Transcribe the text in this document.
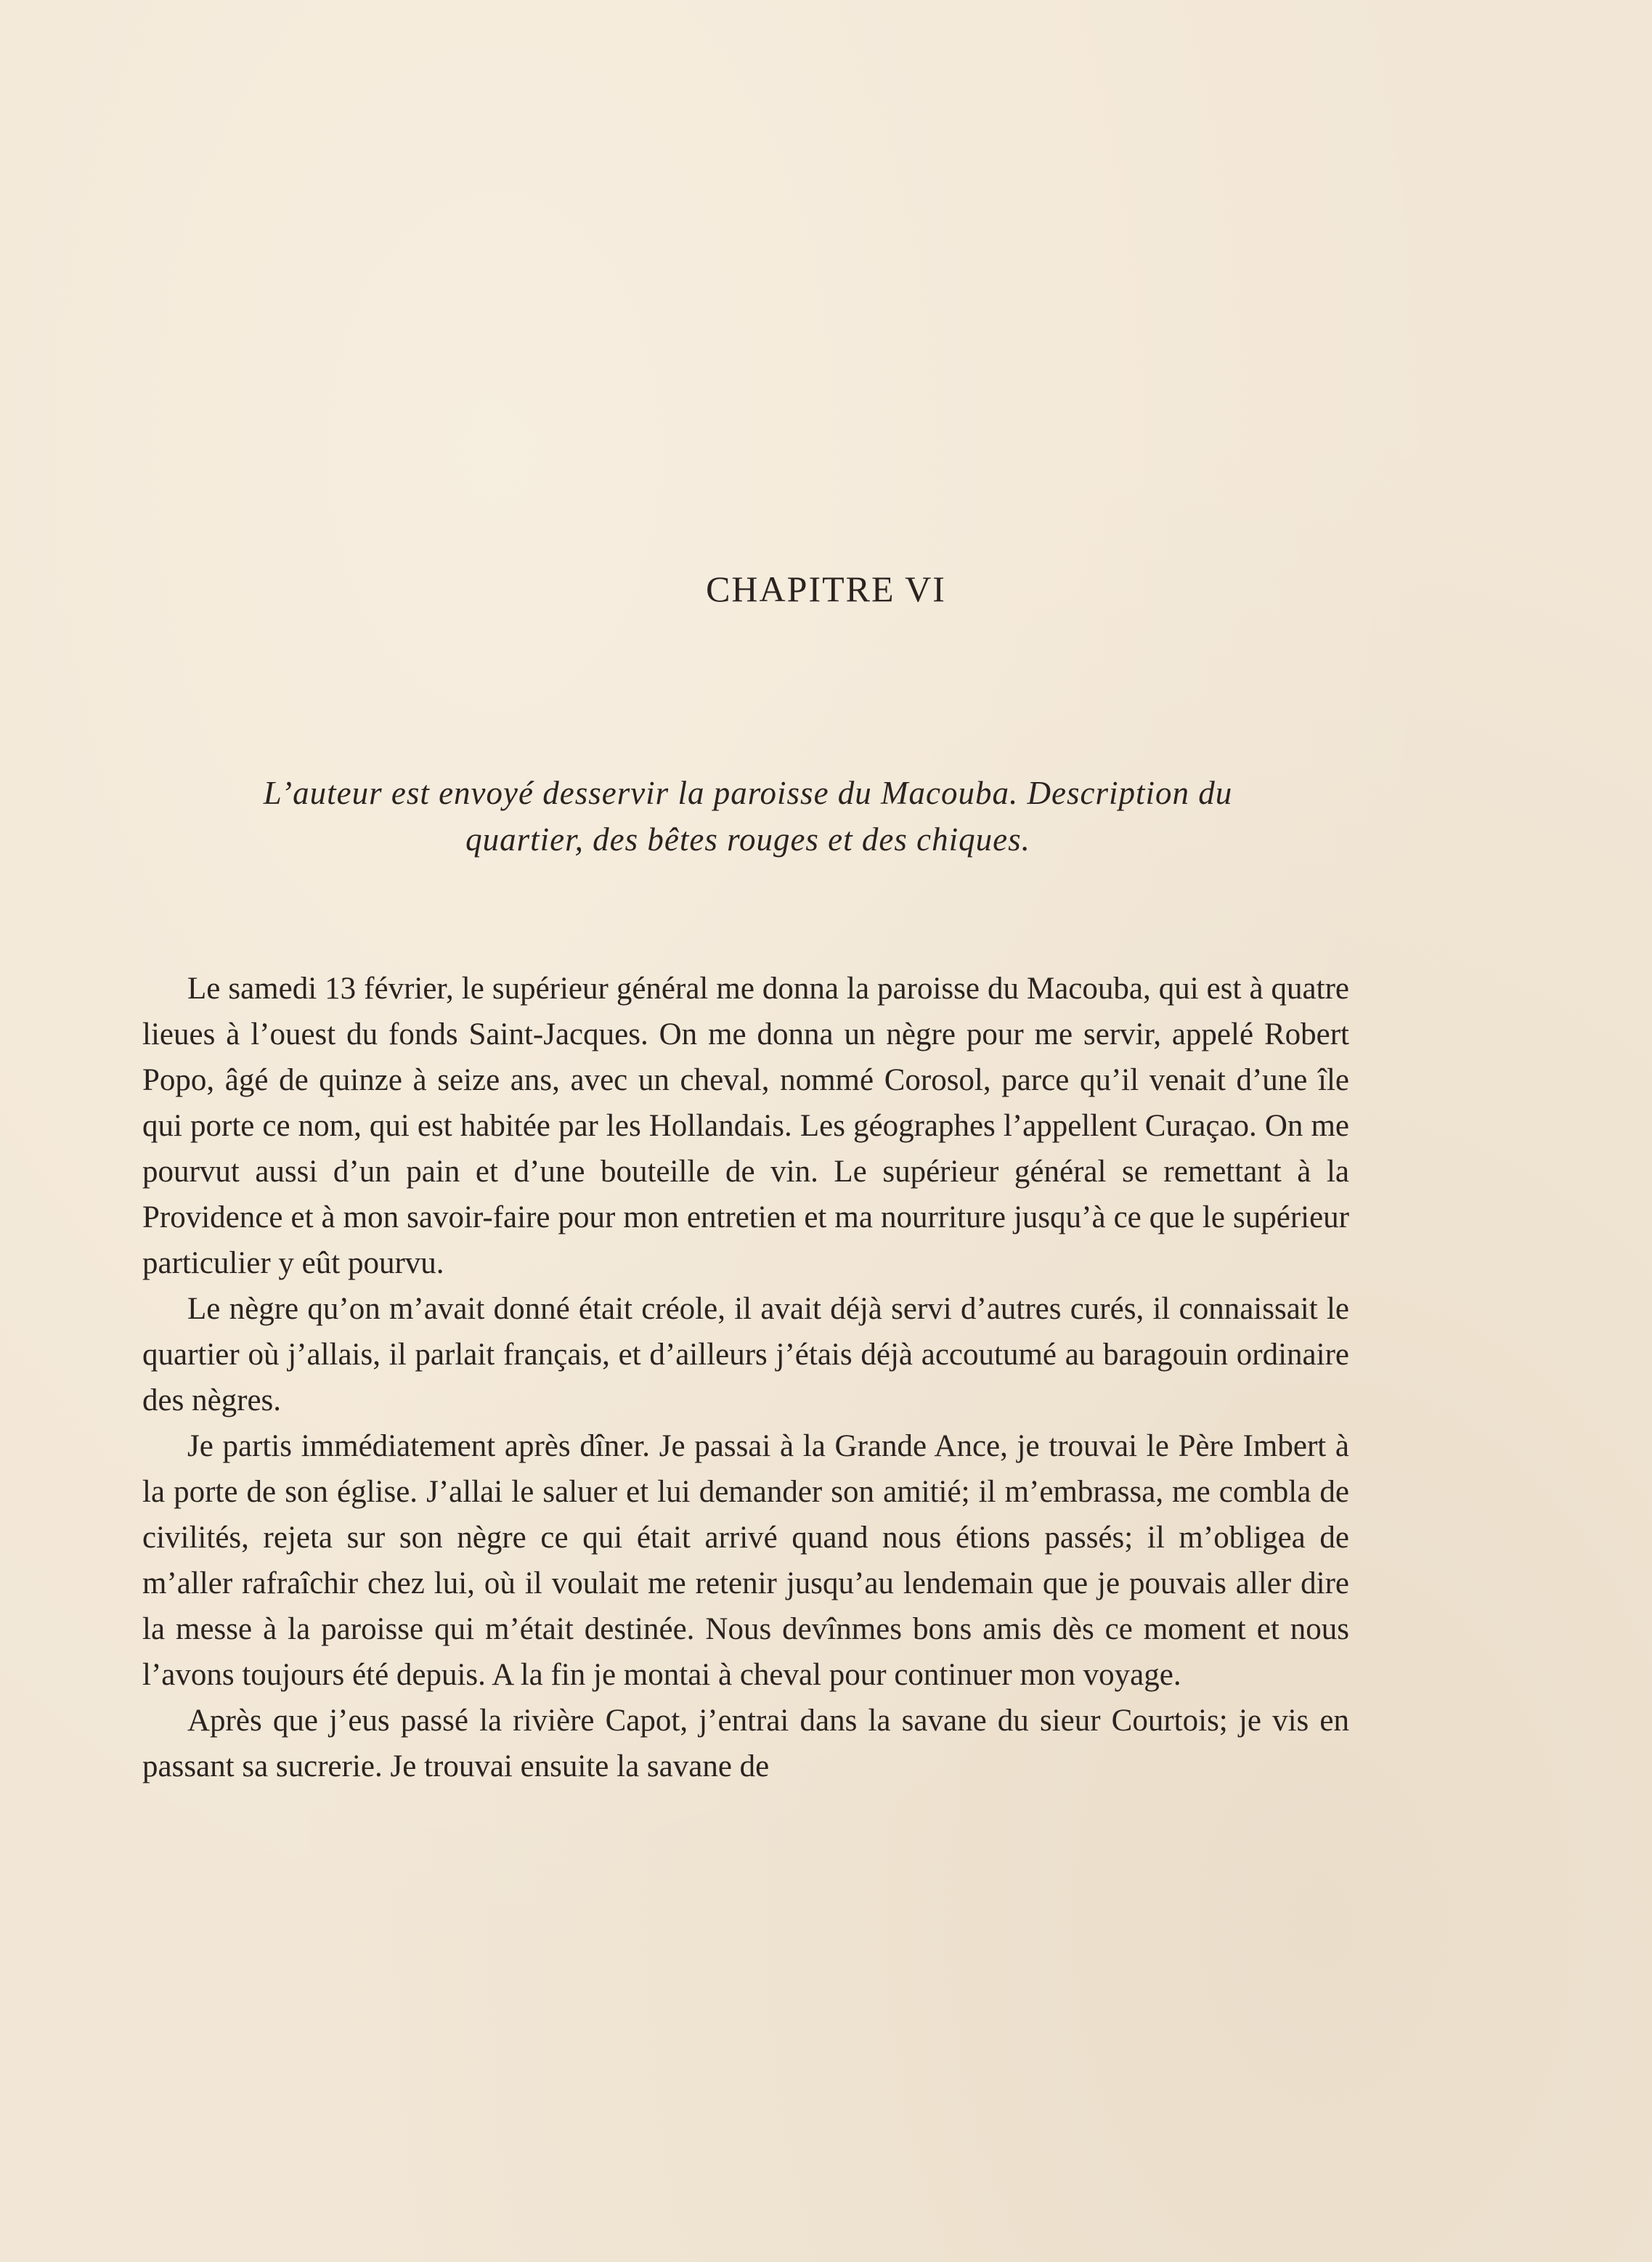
CHAPITRE VI

L’auteur est envoyé desservir la paroisse du Macouba. Description du
quartier, des bêtes rouges et des chiques.

Le samedi 13 février, le supérieur général me donna la paroisse du Macouba, qui est à quatre lieues à l’ouest du fonds Saint-Jacques. On me donna un nègre pour me servir, appelé Robert Popo, âgé de quinze à seize ans, avec un cheval, nommé Corosol, parce qu’il venait d’une île qui porte ce nom, qui est habitée par les Hollandais. Les géographes l’appellent Curaçao. On me pourvut aussi d’un pain et d’une bouteille de vin. Le supérieur général se remettant à la Providence et à mon savoir-faire pour mon entretien et ma nourriture jusqu’à ce que le supérieur particulier y eût pourvu.

Le nègre qu’on m’avait donné était créole, il avait déjà servi d’autres curés, il connaissait le quartier où j’allais, il parlait français, et d’ailleurs j’étais déjà accoutumé au baragouin ordinaire des nègres.

Je partis immédiatement après dîner. Je passai à la Grande Ance, je trouvai le Père Imbert à la porte de son église. J’allai le saluer et lui demander son amitié; il m’embrassa, me combla de civilités, rejeta sur son nègre ce qui était arrivé quand nous étions passés; il m’obligea de m’aller rafraîchir chez lui, où il voulait me retenir jusqu’au lendemain que je pouvais aller dire la messe à la paroisse qui m’était destinée. Nous devînmes bons amis dès ce moment et nous l’avons toujours été depuis. A la fin je montai à cheval pour continuer mon voyage.

Après que j’eus passé la rivière Capot, j’entrai dans la savane du sieur Courtois; je vis en passant sa sucrerie. Je trouvai ensuite la savane de
